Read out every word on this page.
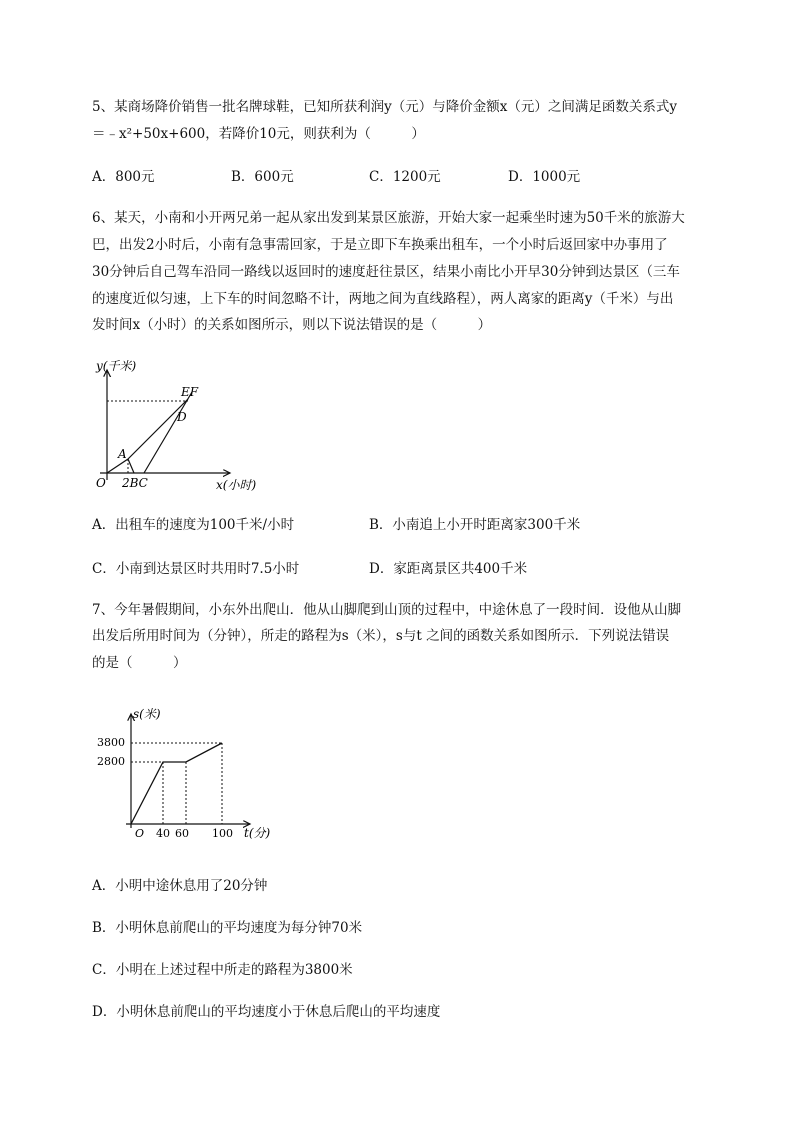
5、某商场降价销售一批名牌球鞋，已知所获利润y（元）与降价金额x（元）之间满足函数关系式y
＝﹣x²+50x+600，若降价10元，则获利为（　　　）
A．800元	B．600元	C．1200元	D．1000元
6、某天，小南和小开两兄弟一起从家出发到某景区旅游，开始大家一起乘坐时速为50千米的旅游大
巴，出发2小时后，小南有急事需回家，于是立即下车换乘出租车，一个小时后返回家中办事用了
30分钟后自己驾车沿同一路线以返回时的速度赶往景区，结果小南比小开早30分钟到达景区（三车
的速度近似匀速，上下车的时间忽略不计，两地之间为直线路程），两人离家的距离y（千米）与出
发时间x（小时）的关系如图所示，则以下说法错误的是（　　　）
y(千米)
x(小时)
O
A
2BC
EF
D
A．出租车的速度为100千米/小时	B．小南追上小开时距离家300千米
C．小南到达景区时共用时7.5小时	D．家距离景区共400千米
7、今年暑假期间，小东外出爬山．他从山脚爬到山顶的过程中，中途休息了一段时间．设他从山脚
出发后所用时间为（分钟），所走的路程为s（米），s与t 之间的函数关系如图所示．下列说法错误
的是（　　　）
s(米)
t(分)
O
3800
2800
40 60 100
A．小明中途休息用了20分钟
B．小明休息前爬山的平均速度为每分钟70米
C．小明在上述过程中所走的路程为3800米
D．小明休息前爬山的平均速度小于休息后爬山的平均速度
